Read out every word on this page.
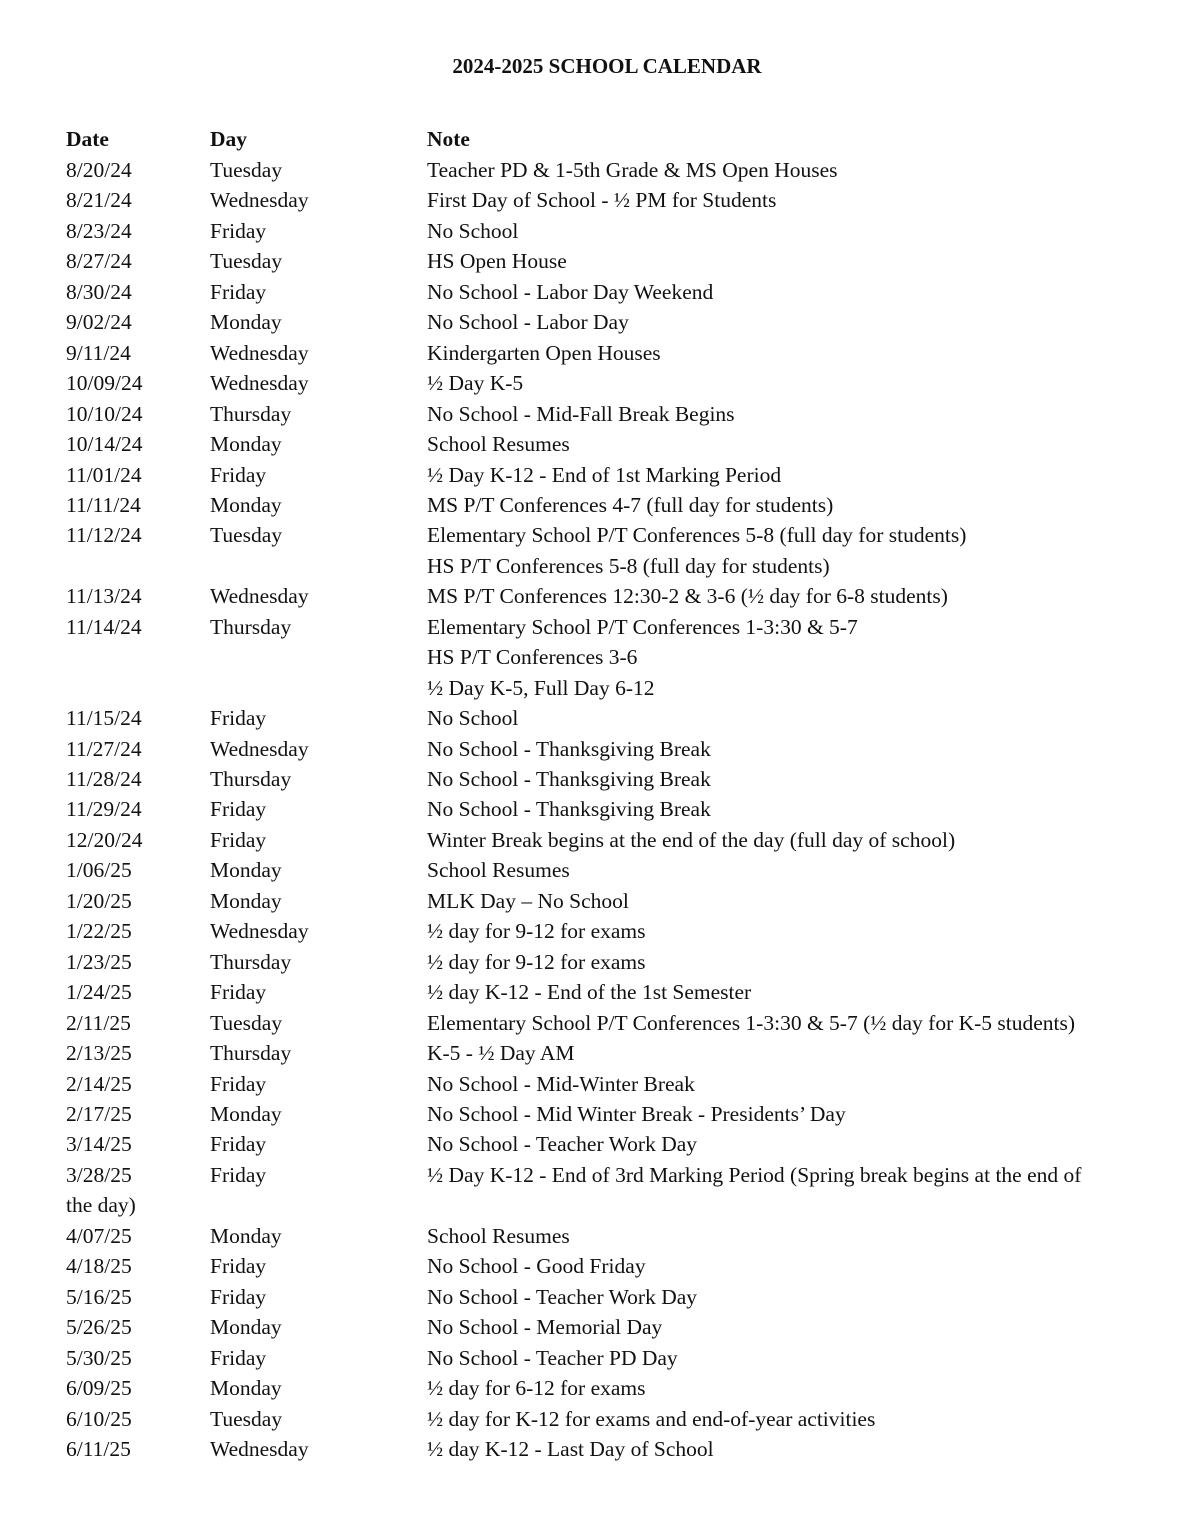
2024-2025 SCHOOL CALENDAR
Date	Day	Note
8/20/24	Tuesday	Teacher PD & 1-5th Grade & MS Open Houses
8/21/24	Wednesday	First Day of School - ½ PM for Students
8/23/24	Friday	No School
8/27/24	Tuesday	HS Open House
8/30/24	Friday	No School - Labor Day Weekend
9/02/24	Monday	No School - Labor Day
9/11/24	Wednesday	Kindergarten Open Houses
10/09/24	Wednesday	½ Day K-5
10/10/24	Thursday	No School - Mid-Fall Break Begins
10/14/24	Monday	School Resumes
11/01/24	Friday	½ Day K-12 - End of 1st Marking Period
11/11/24	Monday	MS P/T Conferences 4-7 (full day for students)
11/12/24	Tuesday	Elementary School P/T Conferences 5-8 (full day for students)
HS P/T Conferences 5-8 (full day for students)
11/13/24	Wednesday	MS P/T Conferences 12:30-2 & 3-6 (½ day for 6-8 students)
11/14/24	Thursday	Elementary School P/T Conferences 1-3:30 & 5-7
HS P/T Conferences 3-6
½ Day K-5, Full Day 6-12
11/15/24	Friday	No School
11/27/24	Wednesday	No School - Thanksgiving Break
11/28/24	Thursday	No School - Thanksgiving Break
11/29/24	Friday	No School - Thanksgiving Break
12/20/24	Friday	Winter Break begins at the end of the day (full day of school)
1/06/25	Monday	School Resumes
1/20/25	Monday	MLK Day – No School
1/22/25	Wednesday	½ day for 9-12 for exams
1/23/25	Thursday	½ day for 9-12 for exams
1/24/25	Friday	½ day K-12 - End of the 1st Semester
2/11/25	Tuesday	Elementary School P/T Conferences 1-3:30 & 5-7 (½ day for K-5 students)
2/13/25	Thursday	K-5 - ½ Day AM
2/14/25	Friday	No School - Mid-Winter Break
2/17/25	Monday	No School - Mid Winter Break - Presidents’ Day
3/14/25	Friday	No School - Teacher Work Day
3/28/25	Friday	½ Day K-12 - End of 3rd Marking Period (Spring break begins at the end of
the day)
4/07/25	Monday	School Resumes
4/18/25	Friday	No School - Good Friday
5/16/25	Friday	No School - Teacher Work Day
5/26/25	Monday	No School - Memorial Day
5/30/25	Friday	No School - Teacher PD Day
6/09/25	Monday	½ day for 6-12 for exams
6/10/25	Tuesday	½ day for K-12 for exams and end-of-year activities
6/11/25	Wednesday	½ day K-12 - Last Day of School
